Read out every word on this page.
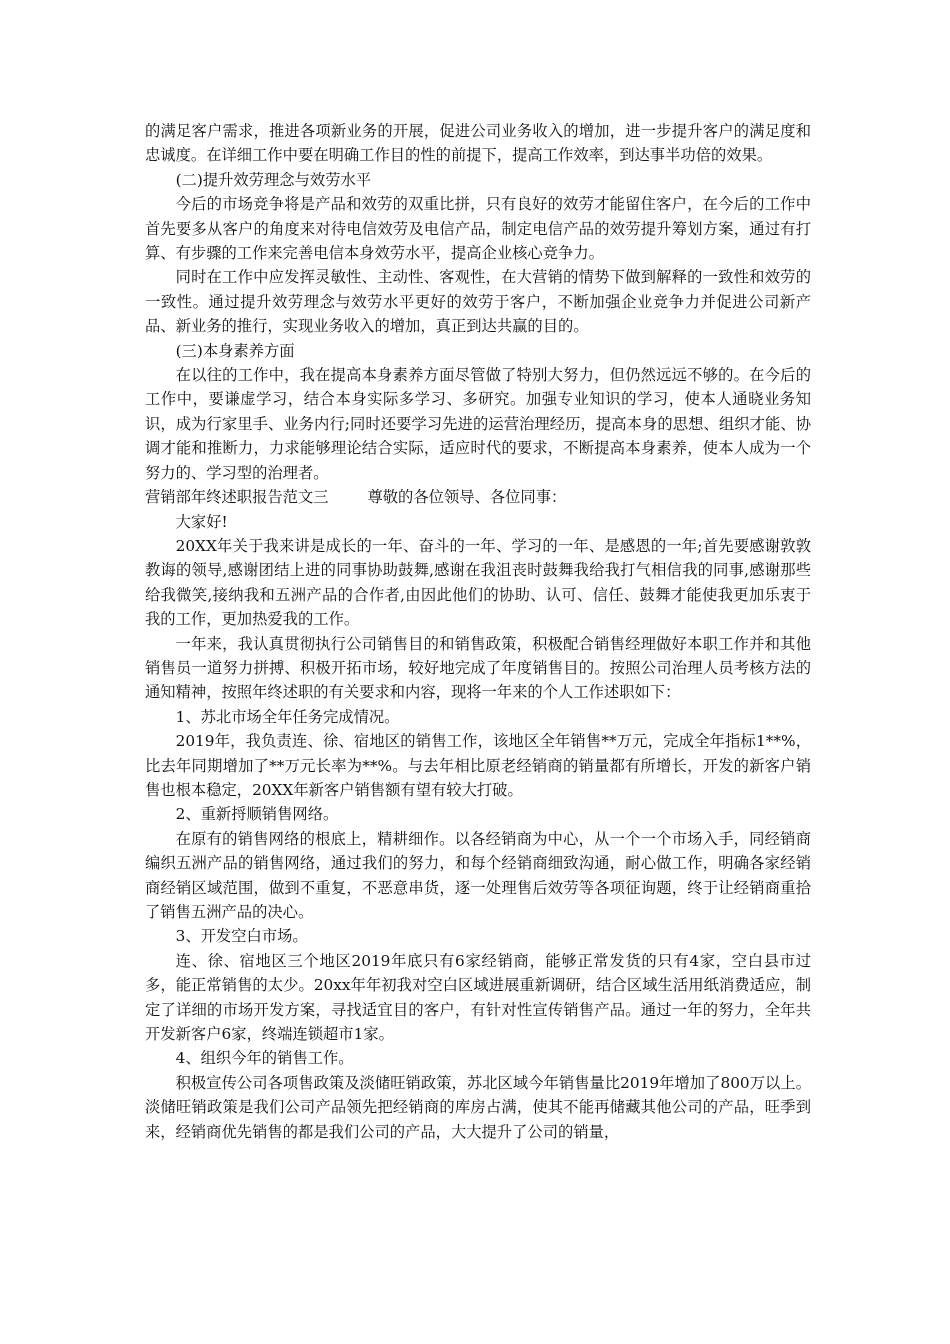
的满足客户需求，推进各项新业务的开展，促进公司业务收入的增加，进一步提升客户的满足度和忠诚度。在详细工作中要在明确工作目的性的前提下，提高工作效率，到达事半功倍的效果。

(二)提升效劳理念与效劳水平

今后的市场竞争将是产品和效劳的双重比拼，只有良好的效劳才能留住客户，在今后的工作中首先要多从客户的角度来对待电信效劳及电信产品，制定电信产品的效劳提升筹划方案，通过有打算、有步骤的工作来完善电信本身效劳水平，提高企业核心竞争力。

同时在工作中应发挥灵敏性、主动性、客观性，在大营销的情势下做到解释的一致性和效劳的一致性。通过提升效劳理念与效劳水平更好的效劳于客户，不断加强企业竞争力并促进公司新产品、新业务的推行，实现业务收入的增加，真正到达共赢的目的。

(三)本身素养方面

在以往的工作中，我在提高本身素养方面尽管做了特别大努力，但仍然远远不够的。在今后的工作中，要谦虚学习，结合本身实际多学习、多研究。加强专业知识的学习，使本人通晓业务知识，成为行家里手、业务内行;同时还要学习先进的运营治理经历，提高本身的思想、组织才能、协调才能和推断力，力求能够理论结合实际，适应时代的要求，不断提高本身素养，使本人成为一个努力的、学习型的治理者。

营销部年终述职报告范文三        尊敬的各位领导、各位同事：

大家好!

20XX年关于我来讲是成长的一年、奋斗的一年、学习的一年、是感恩的一年;首先要感谢敦敦教诲的领导,感谢团结上进的同事协助鼓舞,感谢在我沮丧时鼓舞我给我打气相信我的同事,感谢那些给我微笑,接纳我和五洲产品的合作者,由因此他们的协助、认可、信任、鼓舞才能使我更加乐衷于我的工作，更加热爱我的工作。

一年来，我认真贯彻执行公司销售目的和销售政策，积极配合销售经理做好本职工作并和其他销售员一道努力拼搏、积极开拓市场，较好地完成了年度销售目的。按照公司治理人员考核方法的通知精神，按照年终述职的有关要求和内容，现将一年来的个人工作述职如下：

1、苏北市场全年任务完成情况。

2019年，我负责连、徐、宿地区的销售工作，该地区全年销售**万元，完成全年指标1**%，比去年同期增加了**万元长率为**%。与去年相比原老经销商的销量都有所增长，开发的新客户销售也根本稳定，20XX年新客户销售额有望有较大打破。

2、重新捋顺销售网络。

在原有的销售网络的根底上，精耕细作。以各经销商为中心，从一个一个市场入手，同经销商编织五洲产品的销售网络，通过我们的努力，和每个经销商细致沟通，耐心做工作，明确各家经销商经销区域范围，做到不重复，不恶意串货，逐一处理售后效劳等各项征询题，终于让经销商重拾了销售五洲产品的决心。

3、开发空白市场。

连、徐、宿地区三个地区2019年底只有6家经销商，能够正常发货的只有4家，空白县市过多，能正常销售的太少。20xx年年初我对空白区域进展重新调研，结合区域生活用纸消费适应，制定了详细的市场开发方案，寻找适宜目的客户，有针对性宣传销售产品。通过一年的努力，全年共开发新客户6家，终端连锁超市1家。

4、组织今年的销售工作。

积极宣传公司各项售政策及淡储旺销政策，苏北区域今年销售量比2019年增加了800万以上。淡储旺销政策是我们公司产品领先把经销商的库房占满，使其不能再储藏其他公司的产品，旺季到来，经销商优先销售的都是我们公司的产品，大大提升了公司的销量，
